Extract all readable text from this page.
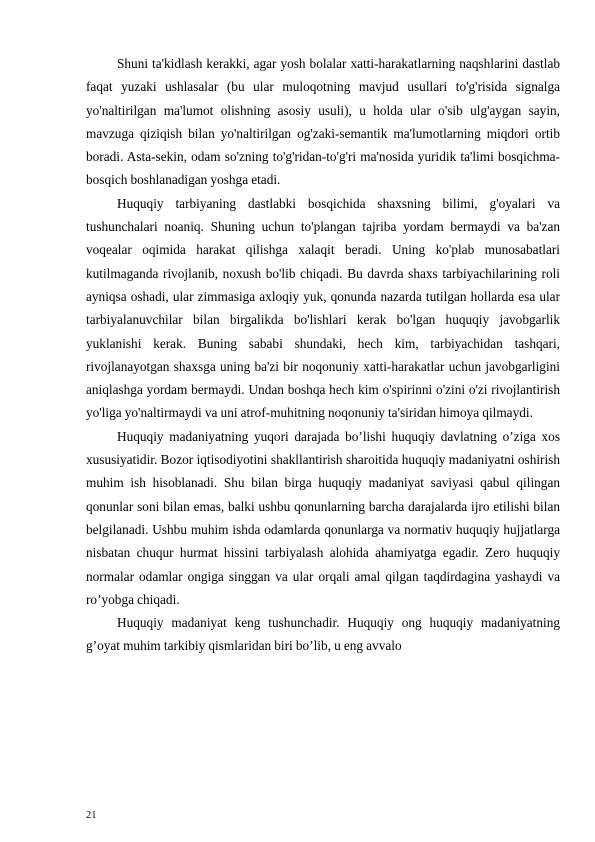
Shuni ta'kidlash kerakki, agar yosh bolalar xatti-harakatlarning naqshlarini dastlab faqat yuzaki ushlasalar (bu ular muloqotning mavjud usullari to'g'risida signalga yo'naltirilgan ma'lumot olishning asosiy usuli), u holda ular o'sib ulg'aygan sayin, mavzuga qiziqish bilan yo'naltirilgan og'zaki-semantik ma'lumotlarning miqdori ortib boradi. Asta-sekin, odam so'zning to'g'ridan-to'g'ri ma'nosida yuridik ta'limi bosqichma-bosqich boshlanadigan yoshga etadi.

Huquqiy tarbiyaning dastlabki bosqichida shaxsning bilimi, g'oyalari va tushunchalari noaniq. Shuning uchun to'plangan tajriba yordam bermaydi va ba'zan voqealar oqimida harakat qilishga xalaqit beradi. Uning ko'plab munosabatlari kutilmaganda rivojlanib, noxush bo'lib chiqadi. Bu davrda shaxs tarbiyachilarining roli ayniqsa oshadi, ular zimmasiga axloqiy yuk, qonunda nazarda tutilgan hollarda esa ular tarbiyalanuvchilar bilan birgalikda bo'lishlari kerak bo'lgan huquqiy javobgarlik yuklanishi kerak. Buning sababi shundaki, hech kim, tarbiyachidan tashqari, rivojlanayotgan shaxsga uning ba'zi bir noqonuniy xatti-harakatlar uchun javobgarligini aniqlashga yordam bermaydi. Undan boshqa hech kim o'spirinni o'zini o'zi rivojlantirish yo'liga yo'naltirmaydi va uni atrof-muhitning noqonuniy ta'siridan himoya qilmaydi.

Huquqiy madaniyatning yuqori darajada bo’lishi huquqiy davlatning o’ziga xos xususiyatidir. Bozor iqtisodiyotini shakllantirish sharoitida huquqiy madaniyatni oshirish muhim ish hisoblanadi. Shu bilan birga huquqiy madaniyat saviyasi qabul qilingan qonunlar soni bilan emas, balki ushbu qonunlarning barcha darajalarda ijro etilishi bilan belgilanadi. Ushbu muhim ishda odamlarda qonunlarga va normativ huquqiy hujjatlarga nisbatan chuqur hurmat hissini tarbiyalash alohida ahamiyatga egadir. Zero huquqiy normalar odamlar ongiga singgan va ular orqali amal qilgan taqdirdagina yashaydi va ro’yobga chiqadi.

Huquqiy madaniyat keng tushunchadir. Huquqiy ong huquqiy madaniyatning g’oyat muhim tarkibiy qismlaridan biri bo’lib, u eng avvalo

21
